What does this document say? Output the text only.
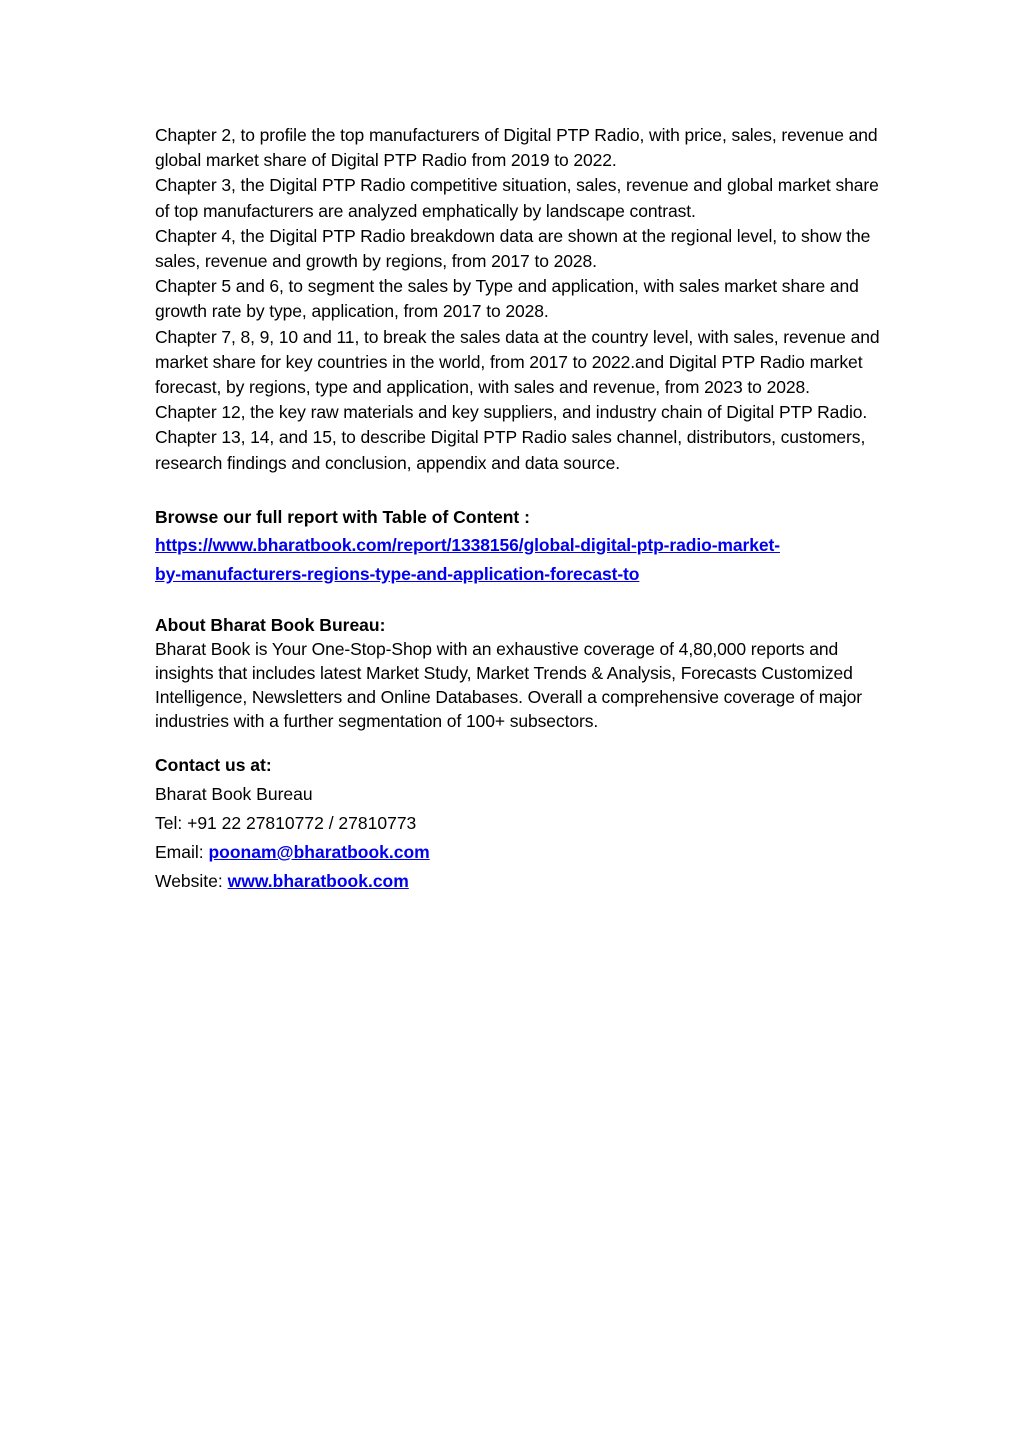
Chapter 2, to profile the top manufacturers of Digital PTP Radio, with price, sales, revenue and global market share of Digital PTP Radio from 2019 to 2022.

Chapter 3, the Digital PTP Radio competitive situation, sales, revenue and global market share of top manufacturers are analyzed emphatically by landscape contrast.

Chapter 4, the Digital PTP Radio breakdown data are shown at the regional level, to show the sales, revenue and growth by regions, from 2017 to 2028.

Chapter 5 and 6, to segment the sales by Type and application, with sales market share and growth rate by type, application, from 2017 to 2028.

Chapter 7, 8, 9, 10 and 11, to break the sales data at the country level, with sales, revenue and market share for key countries in the world, from 2017 to 2022.and Digital PTP Radio market forecast, by regions, type and application, with sales and revenue, from 2023 to 2028.

Chapter 12, the key raw materials and key suppliers, and industry chain of Digital PTP Radio.

Chapter 13, 14, and 15, to describe Digital PTP Radio sales channel, distributors, customers, research findings and conclusion, appendix and data source.

Browse our full report with Table of Content :
https://www.bharatbook.com/report/1338156/global-digital-ptp-radio-market-
by-manufacturers-regions-type-and-application-forecast-to
About Bharat Book Bureau:

Bharat Book is Your One-Stop-Shop with an exhaustive coverage of 4,80,000 reports and insights that includes latest Market Study, Market Trends & Analysis, Forecasts Customized Intelligence, Newsletters and Online Databases. Overall a comprehensive coverage of major industries with a further segmentation of 100+ subsectors.

Contact us at:
Bharat Book Bureau
Tel: +91 22 27810772 / 27810773
Email: poonam@bharatbook.com
Website: www.bharatbook.com
